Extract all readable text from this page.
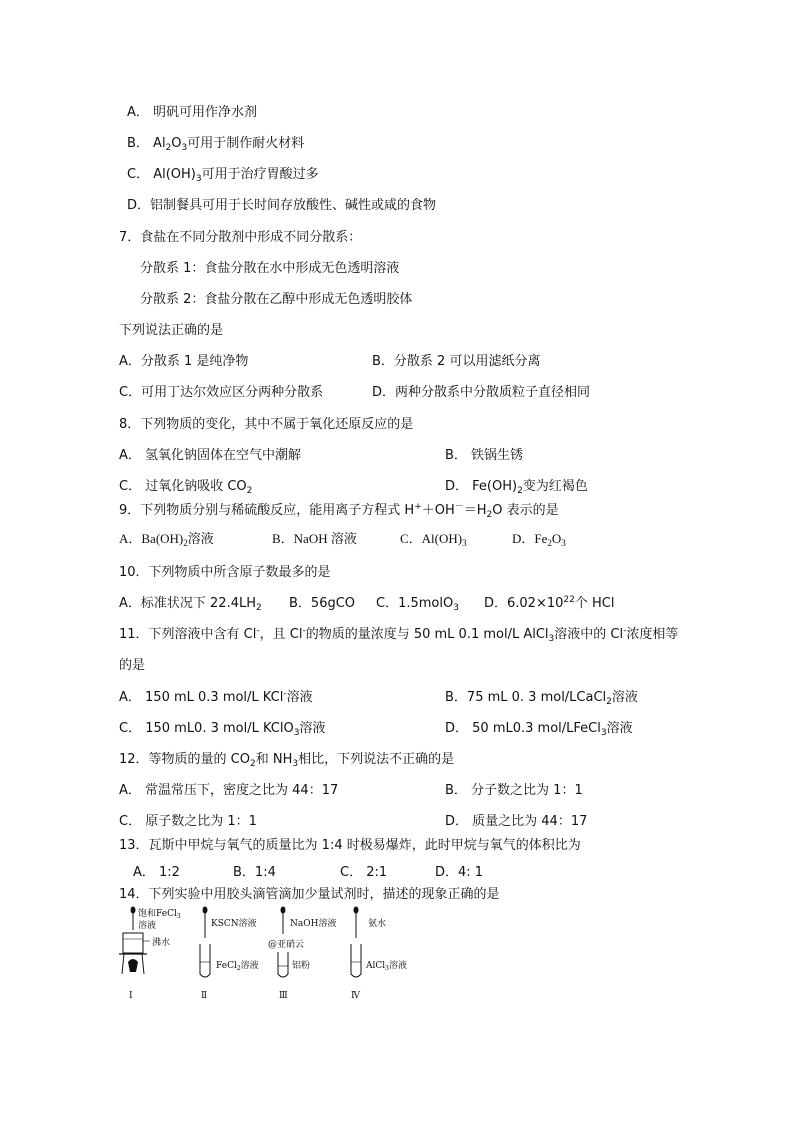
A． 明矾可用作净水剂
B． $Al_2O_3$可用于制作耐火材料
C． $Al(OH)_3$可用于治疗胃酸过多
D．铝制餐具可用于长时间存放酸性、碱性或咸的食物
7．食盐在不同分散剂中形成不同分散系：
分散系 1：食盐分散在水中形成无色透明溶液
分散系 2：食盐分散在乙醇中形成无色透明胶体
下列说法正确的是
A．分散系 1 是纯净物	B．分散系 2 可以用滤纸分离
C．可用丁达尔效应区分两种分散系	D．两种分散系中分散质粒子直径相同
8．下列物质的变化，其中不属于氧化还原反应的是
A． 氢氧化钠固体在空气中潮解	B． 铁锅生锈
C． 过氧化钠吸收 $CO_2$	D． $Fe(OH)_2$变为红褐色
9．下列物质分别与稀硫酸反应，能用离子方程式 $H^++OH^-=H_2O$ 表示的是
A．$Ba(OH)_2$溶液	B．NaOH 溶液	C．$Al(OH)_3$	D．$Fe_2O_3$
10．下列物质中所含原子数最多的是
A．标准状况下 $22.4LH_2$ B．56gCO C．1.5molO$_3$ D．$6.02\times 10^{22}$个 HCl
11．下列溶液中含有 Cl-，且 Cl-的物质的量浓度与 50 mL 0.1 mol/L AlCl$_3$溶液中的 Cl-浓度相等
的是
A． 150 mL 0.3 mol/L KCl-溶液	B．75 mL 0. 3 mol/LCaCl$_2$溶液
C． 150 mL0. 3 mol/L KClO$_3$溶液	D． 50 mL0.3 mol/LFeCl$_3$溶液
12．等物质的量的 $CO_2$和 $NH_3$相比，下列说法不正确的是
A． 常温常压下，密度之比为 44：17	B． 分子数之比为 1：1
C． 原子数之比为 1：1	D． 质量之比为 44：17
13．瓦斯中甲烷与氧气的质量比为 1:4 时极易爆炸，此时甲烷与氧气的体积比为
A． 1:2	B．1:4	C． 2:1	D．4: 1
14．下列实验中用胶头滴管滴加少量试剂时，描述的现象正确的是
饱和FeCl$_3$
溶液
沸水
Ⅰ
KSCN溶液
FeCl$_2$溶液
Ⅱ
NaOH溶液
@亚硝云
铝粉
Ⅲ
氨水
AlCl$_3$溶液
Ⅳ
